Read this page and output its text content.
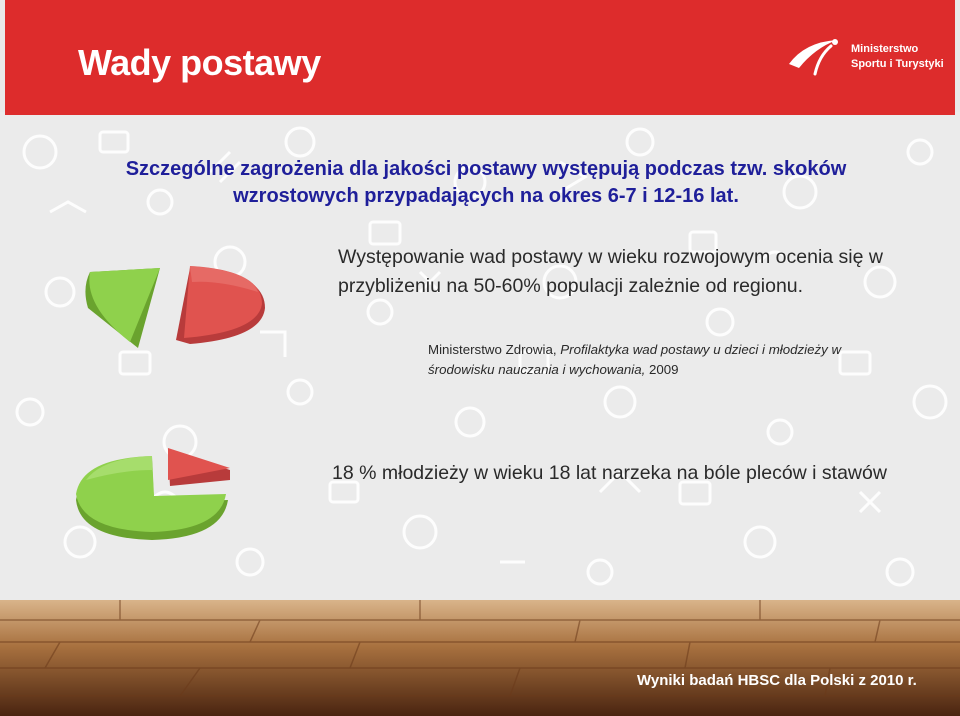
Wady postawy	Ministerstwo
Sportu i Turystyki
Szczególne zagrożenia dla jakości postawy występują podczas tzw. skoków wzrostowych przypadających na okres 6-7 i 12-16 lat.
Występowanie wad postawy w wieku rozwojowym ocenia się w przybliżeniu na 50-60% populacji zależnie od regionu.
Ministerstwo Zdrowia, Profilaktyka wad postawy u dzieci i młodzieży w środowisku nauczania i wychowania, 2009
18 % młodzieży w wieku 18 lat narzeka na bóle pleców i stawów
Wyniki badań HBSC dla Polski z 2010 r.
